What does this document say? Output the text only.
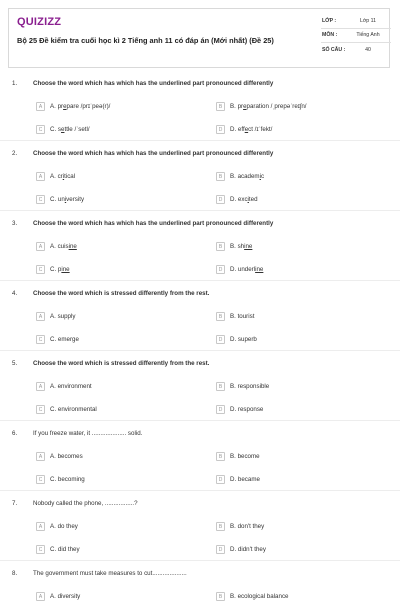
QUIZIZZ
Bộ 25 Đề kiểm tra cuối học kì 2 Tiếng anh 11 có đáp án (Mới nhất) (Đề 25)
LỚP :	Lớp 11
MÔN :	Tiếng Anh
SỐ CÂU :	40
1.	Choose the word which has which has the underlined part pronounced differently
A	A. prepare /prɪˈpeə(r)/	B	B. preparation /ˌprepəˈreɪʃn/
C	C. settle /ˈsetl/	D	D. effect /ɪˈfekt/
2.	Choose the word which has which has the underlined part pronounced differently
A	A. critical	B	B. academic
C	C. university	D	D. excited
3.	Choose the word which has which has the underlined part pronounced differently
A	A. cuisine	B	B. shine
C	C. pine	D	D. underline
4.	Choose the word which is stressed differently from the rest.
A	A. supply	B	B. tourist
C	C. emerge	D	D. superb
5.	Choose the word which is stressed differently from the rest.
A	A. environment	B	B. responsible
C	C. environmental	D	D. response
6.	If you freeze water, it .................... solid.
A	A. becomes	B	B. become
C	C. becoming	D	D. became
7.	Nobody called the phone, .................?
A	A. do they	B	B. don't they
C	C. did they	D	D. didn't they
8.	The government must take measures to cut....................
A	A. diversity	B	B. ecological balance
